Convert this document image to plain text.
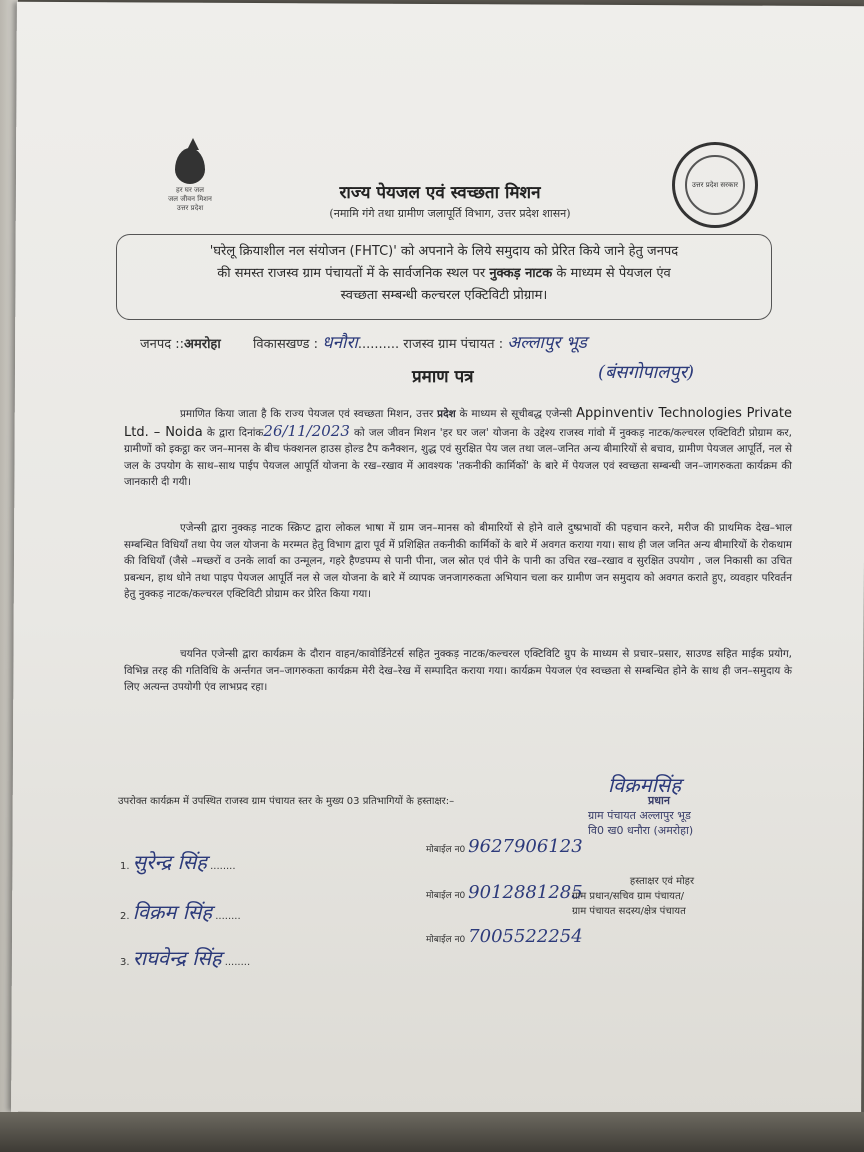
हर घर जल
जल जीवन मिशन
उत्तर प्रदेश
उत्तर प्रदेश सरकार
राज्य पेयजल एवं स्वच्छता मिशन
(नमामि गंगे तथा ग्रामीण जलापूर्ति विभाग, उत्तर प्रदेश शासन)
'घरेलू क्रियाशील नल संयोजन (FHTC)' को अपनाने के लिये समुदाय को प्रेरित किये जाने हेतु जनपद
की समस्त राजस्व ग्राम पंचायतों में के सार्वजनिक स्थल पर नुक्कड़ नाटक के माध्यम से पेयजल एंव
स्वच्छता सम्बन्धी कल्चरल एक्टिविटी प्रोग्राम।
जनपद ::अमरोहा विकासखण्ड : धनौरा.......... राजस्व ग्राम पंचायत : अल्लापुर भूड
प्रमाण पत्र	(बंसगोपालपुर)
प्रमाणित किया जाता है कि राज्य पेयजल एवं स्वच्छता मिशन, उत्तर प्रदेश के माध्यम से सूचीबद्ध एजेन्सी Appinventiv Technologies Private Ltd. – Noida के द्वारा दिनांक26/11/2023 को जल जीवन मिशन 'हर घर जल' योजना के उद्देश्य राजस्व गांवो में नुक्कड़ नाटक/कल्चरल एक्टिविटी प्रोग्राम कर, ग्रामीणों को इकट्ठा कर जन–मानस के बीच फंक्शनल हाउस होल्ड टैप कनैक्शन, शुद्ध एवं सुरक्षित पेय जल तथा जल–जनित अन्य बीमारियों से बचाव, ग्रामीण पेयजल आपूर्ति, नल से जल के उपयोग के साथ–साथ पाईप पेयजल आपूर्ति योजना के रख–रखाव में आवश्यक 'तकनीकी कार्मिकों' के बारे में पेयजल एवं स्वच्छता सम्बन्धी जन–जागरुकता कार्यक्रम की जानकारी दी गयी।
एजेन्सी द्वारा नुक्कड़ नाटक स्क्रिप्ट द्वारा लोकल भाषा में ग्राम जन–मानस को बीमारियों से होने वाले दुष्प्रभावों की पहचान करने, मरीज की प्राथमिक देख–भाल सम्बन्धित विधियाँ तथा पेय जल योजना के मरम्मत हेतु विभाग द्वारा पूर्व में प्रशिक्षित तकनीकी कार्मिकों के बारे में अवगत कराया गया। साथ ही जल जनित अन्य बीमारियों के रोकथाम की विधियाँ (जैसे –मच्छरों व उनके लार्वा का उन्मूलन, गहरे हैण्डपम्प से पानी पीना, जल स्रोत एवं पीने के पानी का उचित रख–रखाव व सुरक्षित उपयोग , जल निकासी का उचित प्रबन्धन, हाथ धोने तथा पाइप पेयजल आपूर्ति नल से जल योजना के बारे में व्यापक जनजागरुकता अभियान चला कर ग्रामीण जन समुदाय को अवगत कराते हुए, व्यवहार परिवर्तन हेतु नुक्कड़ नाटक/कल्चरल एक्टिविटी प्रोग्राम कर प्रेरित किया गया।
चयनित एजेन्सी द्वारा कार्यक्रम के दौरान वाहन/कावोर्डिनेटर्स सहित नुक्कड़ नाटक/कल्चरल एक्टिविटि ग्रुप के माध्यम से प्रचार–प्रसार, साउण्ड सहित माईक प्रयोग, विभिन्न तरह की गतिविधि के अर्न्तगत जन–जागरुकता कार्यक्रम मेरी देख–रेख में सम्पादित कराया गया। कार्यक्रम पेयजल एंव स्वच्छता से सम्बन्धित होने के साथ ही जन–समुदाय के लिए अत्यन्त उपयोगी एंव लाभप्रद रहा।
उपरोक्त कार्यक्रम में उपस्थित राजस्व ग्राम पंचायत स्तर के मुख्य 03 प्रतिभागियों के हस्ताक्षर:–
1. सुरेन्द्र सिंह ........
2. विक्रम सिंह ........
3. राघवेन्द्र सिंह ........
मोबाईल न0 9627906123
मोबाईल न0 9012881285
मोबाईल न0 7005522254
विक्रमसिंह
प्रधान
ग्राम पंचायत अल्लापुर भूड
वि0 ख0 धनौरा (अमरोहा)
हस्ताक्षर एवं मोहर
ग्राम प्रधान/सचिव ग्राम पंचायत/
ग्राम पंचायत सदस्य/क्षेत्र पंचायत
